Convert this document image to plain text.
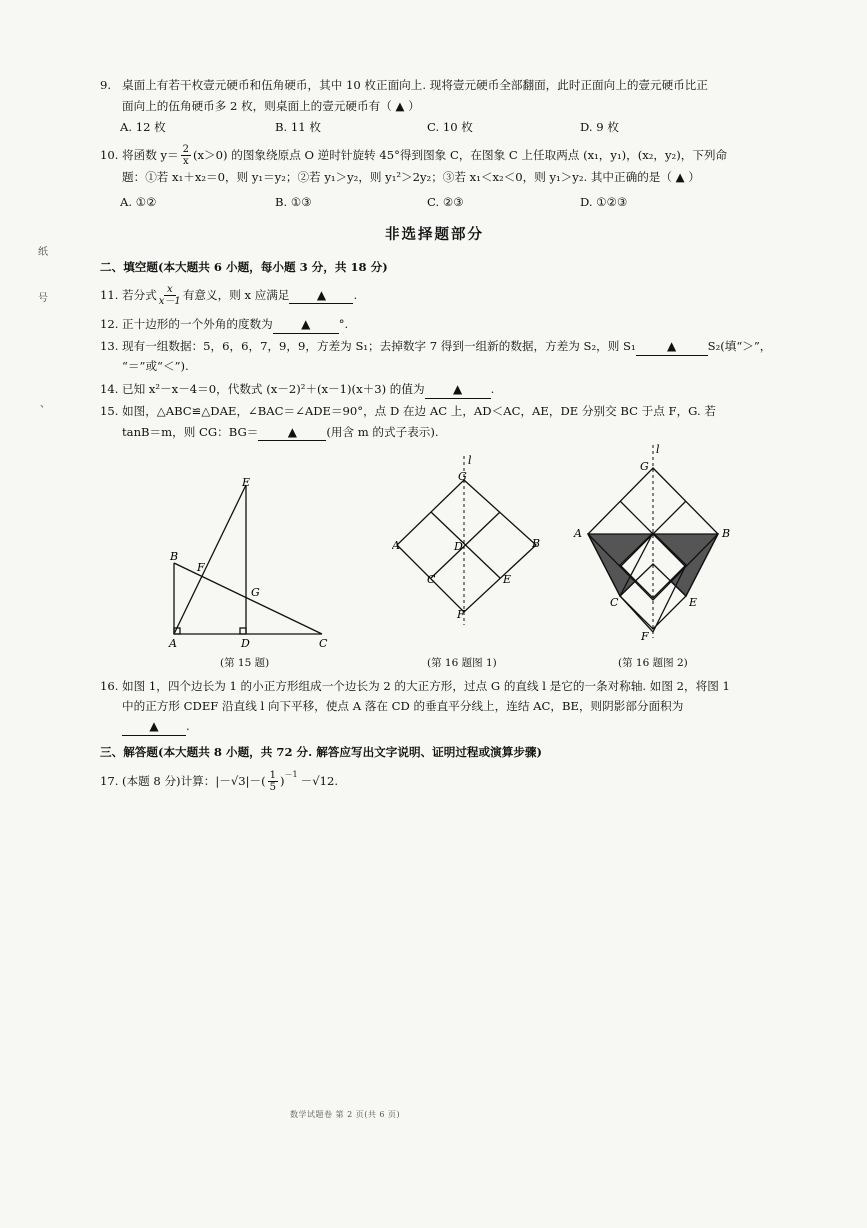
纸
号
、
9. 桌面上有若干枚壹元硬币和伍角硬币，其中 10 枚正面向上. 现将壹元硬币全部翻面，此时正面向上的壹元硬币比正
面向上的伍角硬币多 2 枚，则桌面上的壹元硬币有（ ▲ ）
A. 12 枚	B. 11 枚	C. 10 枚	D. 9 枚
10. 将函数 $y= \frac{2}{x} (x>0)$ 的图象绕原点 O 逆时针旋转 45°得到图象 C，在图象 C 上任取两点 (x₁，y₁)，(x₂，y₂)，下列命
题：①若 x₁＋x₂＝0，则 y₁＝y₂；②若 y₁＞y₂，则 y₁²＞2y₂；③若 x₁＜x₂＜0，则 y₁＞y₂. 其中正确的是（ ▲ ）
A. ①②	B. ①③	C. ②③	D. ①②③
非选择题部分
二、填空题(本大题共 6 小题，每小题 3 分，共 18 分)
11. 若分式 $\frac{x}{x-1}$ 有意义，则 x 应满足	▲	.
12. 正十边形的一个外角的度数为 ▲ °.
13. 现有一组数据：5，6，6，7，9，9，方差为 S₁；去掉数字 7 得到一组新的数据，方差为 S₂，则 S₁	▲	S₂(填“＞”，
“＝”或“＜”).
14. 已知 x²－x－4＝0，代数式 (x－2)²＋(x－1)(x＋3) 的值为 ▲ .
15. 如图，△ABC≌△DAE，∠BAC＝∠ADE＝90°，点 D 在边 AC 上，AD＜AC，AE，DE 分别交 BC 于点 F，G. 若
tanB＝m，则 CG：BG＝ ▲	(用含 m 的式子表示).
E
B
F
G
A	D	C
(第 15 题)
l
G
A	D	B
C	E
F
(第 16 题图 1)
l
G
A	B
C	E
F
(第 16 题图 2)
16. 如图 1，四个边长为 1 的小正方形组成一个边长为 2 的大正方形，过点 G 的直线 l 是它的一条对称轴. 如图 2，将图 1
中的正方形 CDEF 沿直线 l 向下平移，使点 A 落在 CD 的垂直平分线上，连结 AC，BE，则阴影部分面积为
▲ .
三、解答题(本大题共 8 小题，共 72 分. 解答应写出文字说明、证明过程或演算步骤)
17. (本题 8 分)计算：$|-√3|-( \frac{1}{5} )^{-1} -√12$.
数学试题卷 第 2 页(共 6 页)
